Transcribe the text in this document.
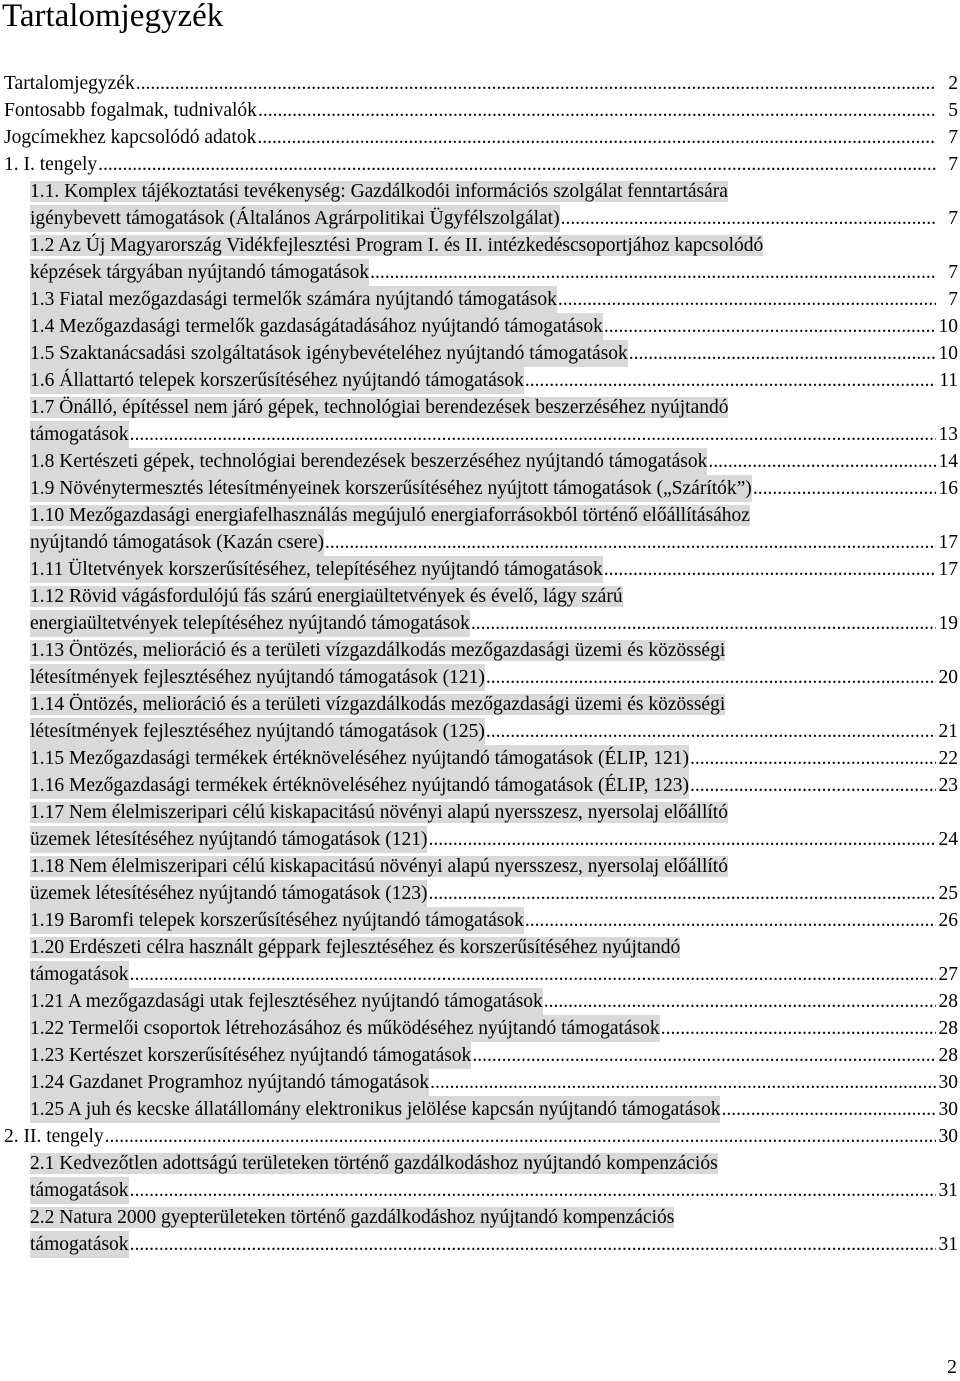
Tartalomjegyzék
Tartalomjegyzék .....	2
Fontosabb fogalmak, tudnivalók .....	5
Jogcímekhez kapcsolódó adatok .....	7
1. I. tengely .....	7
1.1. Komplex tájékoztatási tevékenység: Gazdálkodói információs szolgálat fenntartására
igénybevett támogatások (Általános Agrárpolitikai Ügyfélszolgálat) .....	7
1.2 Az Új Magyarország Vidékfejlesztési Program I. és II. intézkedéscsoportjához kapcsolódó
képzések tárgyában nyújtandó támogatások .....	7
1.3 Fiatal mezőgazdasági termelők számára nyújtandó támogatások .....	7
1.4 Mezőgazdasági termelők gazdaságátadásához nyújtandó támogatások .....	10
1.5 Szaktanácsadási szolgáltatások igénybevételéhez nyújtandó támogatások .....	10
1.6 Állattartó telepek korszerűsítéséhez nyújtandó támogatások .....	11
1.7 Önálló, építéssel nem járó gépek, technológiai berendezések beszerzéséhez nyújtandó
támogatások .....	13
1.8 Kertészeti gépek, technológiai berendezések beszerzéséhez nyújtandó támogatások .....	14
1.9 Növénytermesztés létesítményeinek korszerűsítéséhez nyújtott támogatások („Szárítók”) .....	16
1.10 Mezőgazdasági energiafelhasználás megújuló energiaforrásokból történő előállításához
nyújtandó támogatások (Kazán csere) .....	17
1.11 Ültetvények korszerűsítéséhez, telepítéséhez nyújtandó támogatások .....	17
1.12 Rövid vágásfordulójú fás szárú energiaültetvények és évelő, lágy szárú
energiaültetvények telepítéséhez nyújtandó támogatások .....	19
1.13 Öntözés, melioráció és a területi vízgazdálkodás mezőgazdasági üzemi és közösségi
létesítmények fejlesztéséhez nyújtandó támogatások (121) .....	20
1.14 Öntözés, melioráció és a területi vízgazdálkodás mezőgazdasági üzemi és közösségi
létesítmények fejlesztéséhez nyújtandó támogatások (125) .....	21
1.15 Mezőgazdasági termékek értéknöveléséhez nyújtandó támogatások (ÉLIP, 121) .....	22
1.16 Mezőgazdasági termékek értéknöveléséhez nyújtandó támogatások (ÉLIP, 123) .....	23
1.17 Nem élelmiszeripari célú kiskapacitású növényi alapú nyersszesz, nyersolaj előállító
üzemek létesítéséhez nyújtandó támogatások (121) .....	24
1.18 Nem élelmiszeripari célú kiskapacitású növényi alapú nyersszesz, nyersolaj előállító
üzemek létesítéséhez nyújtandó támogatások (123) .....	25
1.19 Baromfi telepek korszerűsítéséhez nyújtandó támogatások .....	26
1.20 Erdészeti célra használt géppark fejlesztéséhez és korszerűsítéséhez nyújtandó
támogatások .....	27
1.21 A mezőgazdasági utak fejlesztéséhez nyújtandó támogatások .....	28
1.22 Termelői csoportok létrehozásához és működéséhez nyújtandó támogatások .....	28
1.23 Kertészet korszerűsítéséhez nyújtandó támogatások .....	28
1.24 Gazdanet Programhoz nyújtandó támogatások .....	30
1.25 A juh és kecske állatállomány elektronikus jelölése kapcsán nyújtandó támogatások .....	30
2. II. tengely .....	30
2.1 Kedvezőtlen adottságú területeken történő gazdálkodáshoz nyújtandó kompenzációs
támogatások .....	31
2.2 Natura 2000 gyepterületeken történő gazdálkodáshoz nyújtandó kompenzációs
támogatások .....	31

2
